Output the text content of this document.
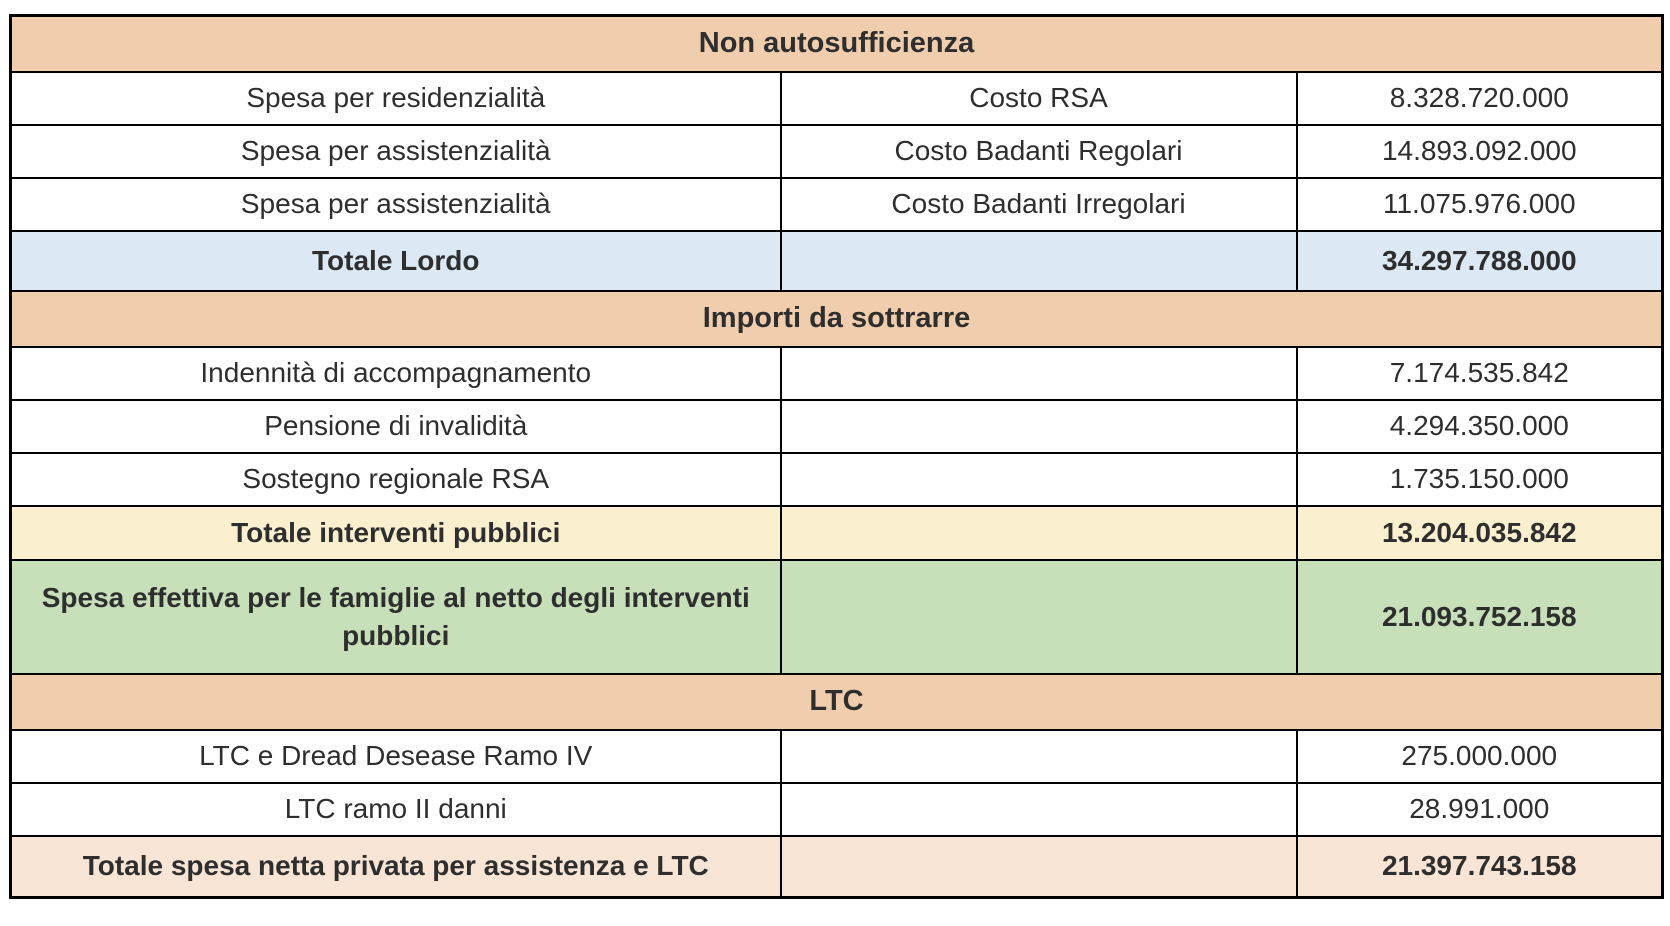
Non autosufficienza		
Spesa per residenzialità	Costo RSA	8.328.720.000
Spesa per assistenzialità	Costo Badanti Regolari	14.893.092.000
Spesa per assistenzialità	Costo Badanti Irregolari	11.075.976.000
Totale Lordo		34.297.788.000
Importi da sottrarre		
Indennità di accompagnamento		7.174.535.842
Pensione di invalidità		4.294.350.000
Sostegno regionale RSA		1.735.150.000
Totale interventi pubblici		13.204.035.842
Spesa effettiva per le famiglie al netto degli interventi pubblici		21.093.752.158
LTC		
LTC e Dread Desease Ramo IV		275.000.000
LTC ramo II danni		28.991.000
Totale spesa netta privata per assistenza e LTC		21.397.743.158
